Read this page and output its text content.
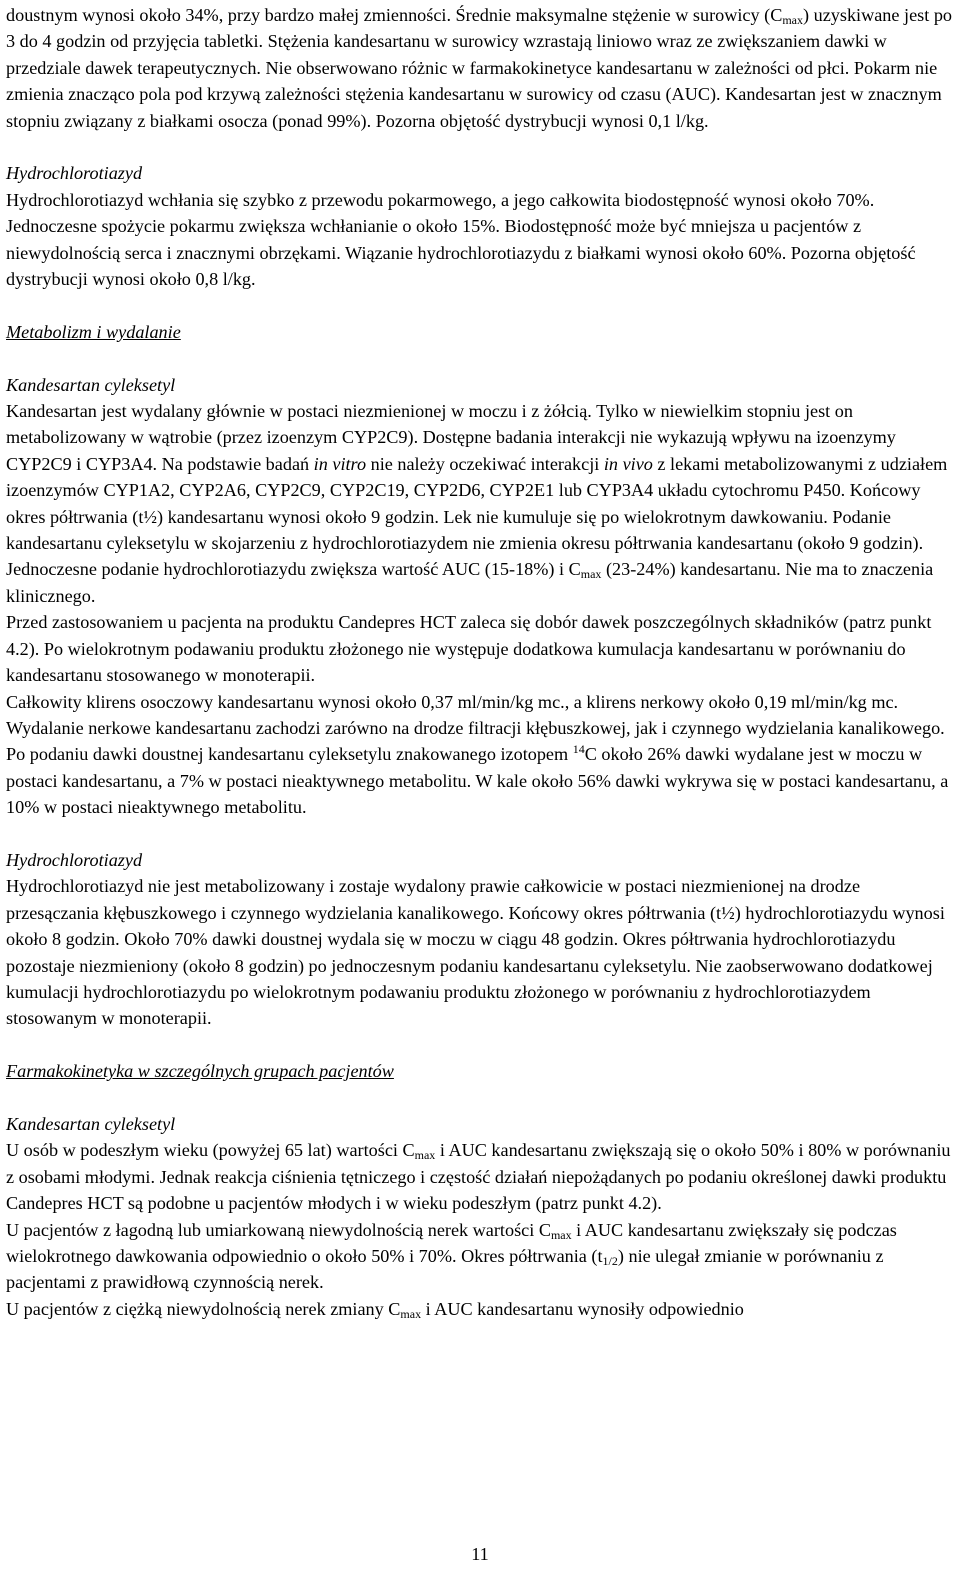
doustnym wynosi około 34%, przy bardzo małej zmienności. Średnie maksymalne stężenie w surowicy $(C_{max})$ uzyskiwane jest po 3 do 4 godzin od przyjęcia tabletki. Stężenia kandesartanu w surowicy wzrastają liniowo wraz ze zwiększaniem dawki w przedziale dawek terapeutycznych. Nie obserwowano różnic w farmakokinetyce kandesartanu w zależności od płci. Pokarm nie zmienia znacząco pola pod krzywą zależności stężenia kandesartanu w surowicy od czasu (AUC). Kandesartan jest w znacznym stopniu związany z białkami osocza (ponad 99%). Pozorna objętość dystrybucji wynosi 0,1 l/kg.

Hydrochlorotiazyd

Hydrochlorotiazyd wchłania się szybko z przewodu pokarmowego, a jego całkowita biodostępność wynosi około 70%. Jednoczesne spożycie pokarmu zwiększa wchłanianie o około 15%. Biodostępność może być mniejsza u pacjentów z niewydolnością serca i znacznymi obrzękami. Wiązanie hydrochlorotiazydu z białkami wynosi około 60%. Pozorna objętość dystrybucji wynosi około 0,8 l/kg.

Metabolizm i wydalanie

Kandesartan cyleksetyl

Kandesartan jest wydalany głównie w postaci niezmienionej w moczu i z żółcią. Tylko w niewielkim stopniu jest on metabolizowany w wątrobie (przez izoenzym CYP2C9). Dostępne badania interakcji nie wykazują wpływu na izoenzymy CYP2C9 i CYP3A4. Na podstawie badań in vitro nie należy oczekiwać interakcji in vivo z lekami metabolizowanymi z udziałem izoenzymów CYP1A2, CYP2A6, CYP2C9, CYP2C19, CYP2D6, CYP2E1 lub CYP3A4 układu cytochromu P450. Końcowy okres półtrwania (t½) kandesartanu wynosi około 9 godzin. Lek nie kumuluje się po wielokrotnym dawkowaniu. Podanie kandesartanu cyleksetylu w skojarzeniu z hydrochlorotiazydem nie zmienia okresu półtrwania kandesartanu (około 9 godzin). Jednoczesne podanie hydrochlorotiazydu zwiększa wartość AUC (15-18%) i $C_{max}$ (23-24%) kandesartanu. Nie ma to znaczenia klinicznego.

Przed zastosowaniem u pacjenta na produktu Candepres HCT zaleca się dobór dawek poszczególnych składników (patrz punkt 4.2). Po wielokrotnym podawaniu produktu złożonego nie występuje dodatkowa kumulacja kandesartanu w porównaniu do kandesartanu stosowanego w monoterapii.

Całkowity klirens osoczowy kandesartanu wynosi około 0,37 ml/min/kg mc., a klirens nerkowy około 0,19 ml/min/kg mc. Wydalanie nerkowe kandesartanu zachodzi zarówno na drodze filtracji kłębuszkowej, jak i czynnego wydzielania kanalikowego. Po podaniu dawki doustnej kandesartanu cyleksetylu znakowanego izotopem $^{14}$C około 26% dawki wydalane jest w moczu w postaci kandesartanu, a 7% w postaci nieaktywnego metabolitu. W kale około 56% dawki wykrywa się w postaci kandesartanu, a 10% w postaci nieaktywnego metabolitu.

Hydrochlorotiazyd

Hydrochlorotiazyd nie jest metabolizowany i zostaje wydalony prawie całkowicie w postaci niezmienionej na drodze przesączania kłębuszkowego i czynnego wydzielania kanalikowego. Końcowy okres półtrwania (t½) hydrochlorotiazydu wynosi około 8 godzin. Około 70% dawki doustnej wydala się w moczu w ciągu 48 godzin. Okres półtrwania hydrochlorotiazydu pozostaje niezmieniony (około 8 godzin) po jednoczesnym podaniu kandesartanu cyleksetylu. Nie zaobserwowano dodatkowej kumulacji hydrochlorotiazydu po wielokrotnym podawaniu produktu złożonego w porównaniu z hydrochlorotiazydem stosowanym w monoterapii.

Farmakokinetyka w szczególnych grupach pacjentów

Kandesartan cyleksetyl

U osób w podeszłym wieku (powyżej 65 lat) wartości $C_{max}$ i AUC kandesartanu zwiększają się o około 50% i 80% w porównaniu z osobami młodymi. Jednak reakcja ciśnienia tętniczego i częstość działań niepożądanych po podaniu określonej dawki produktu Candepres HCT są podobne u pacjentów młodych i w wieku podeszłym (patrz punkt 4.2).

U pacjentów z łagodną lub umiarkowaną niewydolnością nerek wartości $C_{max}$ i AUC kandesartanu zwiększały się podczas wielokrotnego dawkowania odpowiednio o około 50% i 70%. Okres półtrwania $(t_{1/2})$ nie ulegał zmianie w porównaniu z pacjentami z prawidłową czynnością nerek.

U pacjentów z ciężką niewydolnością nerek zmiany $C_{max}$ i AUC kandesartanu wynosiły odpowiednio

11
